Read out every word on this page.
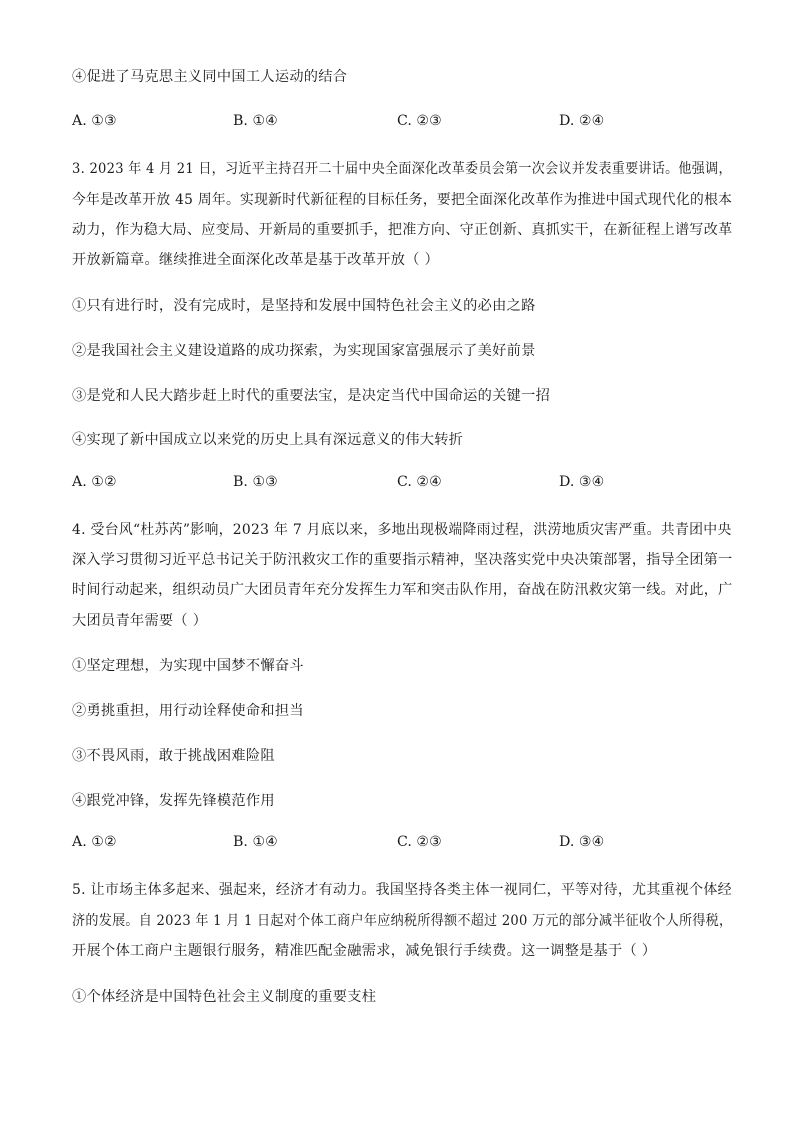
④促进了马克思主义同中国工人运动的结合
A. ①③	B. ①④	C. ②③	D. ②④
3. 2023 年 4 月 21 日，习近平主持召开二十届中央全面深化改革委员会第一次会议并发表重要讲话。他强调，
今年是改革开放 45 周年。实现新时代新征程的目标任务，要把全面深化改革作为推进中国式现代化的根本
动力，作为稳大局、应变局、开新局的重要抓手，把准方向、守正创新、真抓实干，在新征程上谱写改革
开放新篇章。继续推进全面深化改革是基于改革开放（ ）
①只有进行时，没有完成时，是坚持和发展中国特色社会主义的必由之路
②是我国社会主义建设道路的成功探索，为实现国家富强展示了美好前景
③是党和人民大踏步赶上时代的重要法宝，是决定当代中国命运的关键一招
④实现了新中国成立以来党的历史上具有深远意义的伟大转折
A. ①②	B. ①③	C. ②④	D. ③④
4. 受台风“杜苏芮”影响，2023 年 7 月底以来，多地出现极端降雨过程，洪涝地质灾害严重。共青团中央
深入学习贯彻习近平总书记关于防汛救灾工作的重要指示精神，坚决落实党中央决策部署，指导全团第一
时间行动起来，组织动员广大团员青年充分发挥生力军和突击队作用，奋战在防汛救灾第一线。对此，广
大团员青年需要（ ）
①坚定理想，为实现中国梦不懈奋斗
②勇挑重担，用行动诠释使命和担当
③不畏风雨，敢于挑战困难险阻
④跟党冲锋，发挥先锋模范作用
A. ①②	B. ①④	C. ②③	D. ③④
5. 让市场主体多起来、强起来，经济才有动力。我国坚持各类主体一视同仁，平等对待，尤其重视个体经
济的发展。自 2023 年 1 月 1 日起对个体工商户年应纳税所得额不超过 200 万元的部分减半征收个人所得税，
开展个体工商户主题银行服务，精准匹配金融需求，减免银行手续费。这一调整是基于（ ）
①个体经济是中国特色社会主义制度的重要支柱
